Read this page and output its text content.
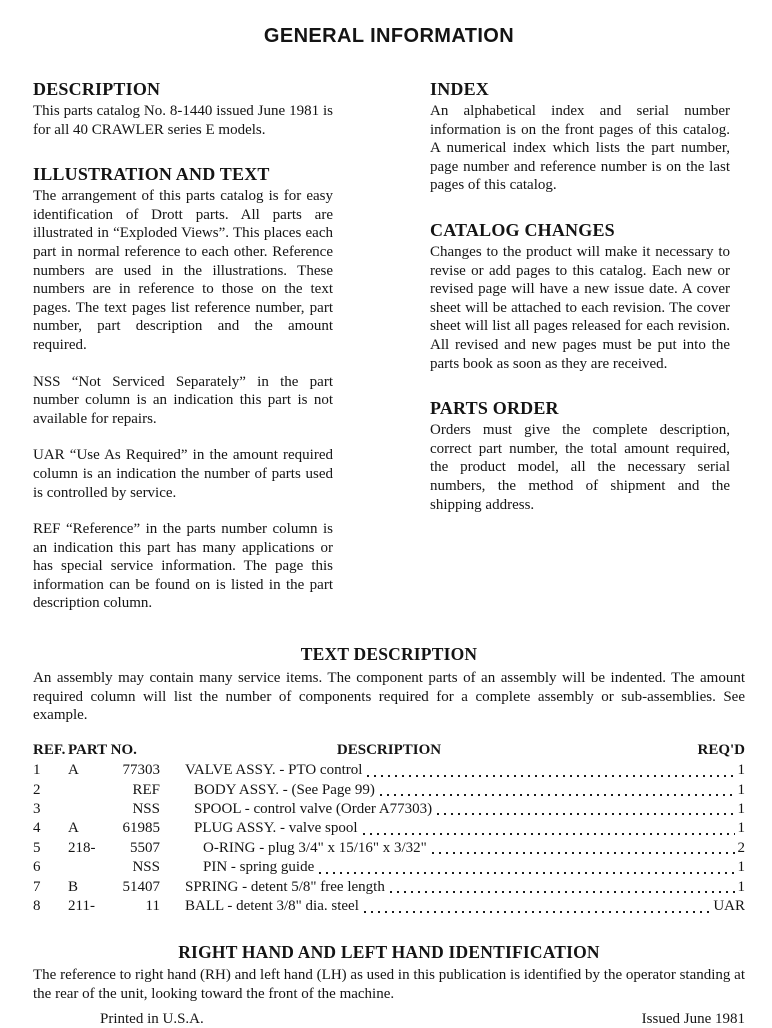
GENERAL INFORMATION
DESCRIPTION

This parts catalog No. 8-1440 issued June 1981 is for all 40 CRAWLER series E models.

ILLUSTRATION AND TEXT

The arrangement of this parts catalog is for easy identification of Drott parts. All parts are illustrated in “Exploded Views”. This places each part in normal reference to each other. Reference numbers are used in the illustrations. These numbers are in reference to those on the text pages. The text pages list reference number, part number, part description and the amount required.

NSS “Not Serviced Separately” in the part number column is an indication this part is not available for repairs.

UAR “Use As Required” in the amount required column is an indication the number of parts used is controlled by service.

REF “Reference” in the parts number column is an indication this part has many applications or has special service information. The page this information can be found on is listed in the part description column.

INDEX

An alphabetical index and serial number information is on the front pages of this catalog. A numerical index which lists the part number, page number and reference number is on the last pages of this catalog.

CATALOG CHANGES

Changes to the product will make it necessary to revise or add pages to this catalog. Each new or revised page will have a new issue date. A cover sheet will be attached to each revision. The cover sheet will list all pages released for each revision. All revised and new pages must be put into the parts book as soon as they are received.

PARTS ORDER

Orders must give the complete description, correct part number, the total amount required, the product model, all the necessary serial numbers, the method of shipment and the shipping address.

TEXT DESCRIPTION

An assembly may contain many service items. The component parts of an assembly will be indented. The amount required column will list the number of components required for a complete assembly or sub-assemblies. See example.

REF. PART NO.	DESCRIPTION	REQ'D
1	A	77303 VALVE ASSY. - PTO control	1
2	REF BODY ASSY. - (See Page 99)	1
3	NSS SPOOL - control valve (Order A77303)	1
4	A	61985 PLUG ASSY. - valve spool	1
5	218-	5507	O-RING - plug 3/4" x 15/16" x 3/32"	2
6	NSS	PIN - spring guide	1
7	B	51407 SPRING - detent 5/8" free length	1
8	211-	11 BALL - detent 3/8" dia. steel	UAR
RIGHT HAND AND LEFT HAND IDENTIFICATION

The reference to right hand (RH) and left hand (LH) as used in this publication is identified by the operator standing at the rear of the unit, looking toward the front of the machine.

Printed in U.S.A.	Issued June 1981
